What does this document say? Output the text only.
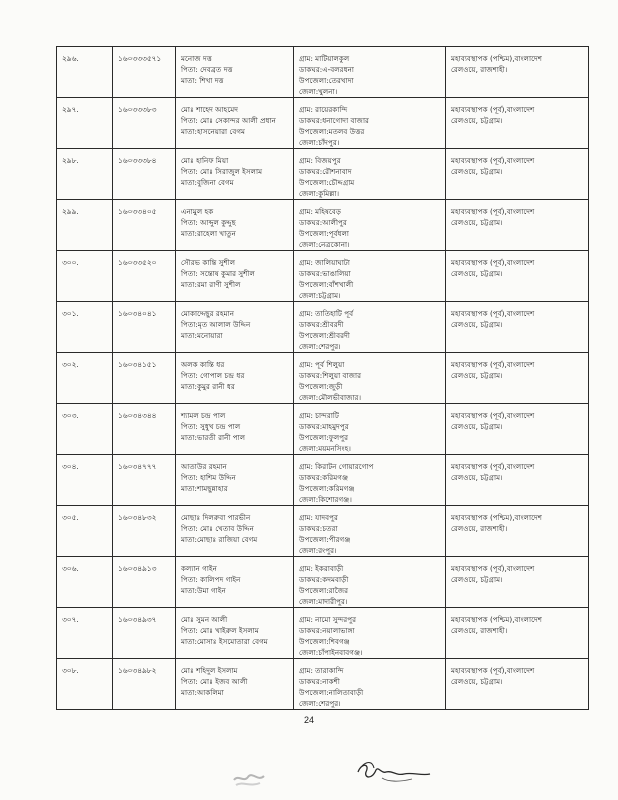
২৯৬.	১৬০৩৩৩৫৭১	মনোজ দত্ত
পিতা: দেবব্রত দত্ত
মাতা: শিখা দত্ত	গ্রাম: মাটিয়ালকুল
ডাকঘর:এ-বলরধনা
উপজেলা:তেরখাদা
জেলা:খুলনা।	মহাব্যবস্থাপক (পশ্চিম),বাংলাদেশ
রেলওয়ে, রাজশাহী।

২৯৭.	১৬০৩৩৩৮৩	মোঃ শাহেদ আহমেদ
পিতা: মোঃ সেকান্দর আলী প্রধান
মাতা:হাসনেয়ারা বেগম	গ্রাম: রায়েরকান্দি
ডাকঘর:ধনাগোদা বাজার
উপজেলা:মতলব উত্তর
জেলা:চাঁদপুর।	মহাব্যবস্থাপক (পূর্ব),বাংলাদেশ
রেলওয়ে, চট্টগ্রাম।

২৯৮.	১৬০৩৩৩৮৪	মোঃ হানিফ মিয়া
পিতা: মোঃ সিরাজুল ইসলাম
মাতা:বুজিনা বেগম	গ্রাম: বিজয়পুর
ডাকঘর:রৌশনাবাদ
উপজেলা:চৌদ্দগ্রাম
জেলা:কুমিল্লা।	মহাব্যবস্থাপক (পূর্ব),বাংলাদেশ
রেলওয়ে, চট্টগ্রাম।

২৯৯.	১৬০৩৩৪০৫	এনামুল হক
পিতা: আব্দুল কুদ্দুছ
মাতা:রাহেলা খাতুন	গ্রাম: মহিষবেড়
ডাকঘর:আলীপুর
উপজেলা:পূর্বধলা
জেলা:নেত্রকোনা।	মহাব্যবস্থাপক (পূর্ব),বাংলাদেশ
রেলওয়ে, চট্টগ্রাম।

৩০০.	১৬০৩৩৫২০	সৌরভ কান্তি সুশীল
পিতা: সন্তোষ কুমার সুশীল
মাতা:রমা রাণী সুশীল	গ্রাম: জালিয়াঘাটা
ডাকঘর:ভাঙালিয়া
উপজেলা:বাঁশখালী
জেলা:চট্টগ্রাম।	মহাব্যবস্থাপক (পূর্ব),বাংলাদেশ
রেলওয়ে, চট্টগ্রাম।

৩০১.	১৬০৩৪০৪১	মোকাদ্দেছুর রহমান
পিতা:মৃত আলাল উদ্দিন
মাতা:মনোয়ারা	গ্রাম: তাতিহাটি পূর্ব
ডাকঘর:শ্রীবরদী
উপজেলা:শ্রীবরদী
জেলা:শেরপুর।	মহাব্যবস্থাপক (পূর্ব),বাংলাদেশ
রেলওয়ে, চট্টগ্রাম।

৩০২.	১৬০৩৪১৫১	অলক কান্তি ধর
পিতা: গোপাল চন্দ্র ধর
মাতা:কুমুর রানী ধর	গ্রাম: পূর্ব শিলুয়া
ডাকঘর:শিলুয়া বাজার
উপজেলা:জুড়ী
জেলা:মৌলভীবাজার।	মহাব্যবস্থাপক (পূর্ব),বাংলাদেশ
রেলওয়ে, চট্টগ্রাম।

৩০৩.	১৬০৩৪৩৪৪	শ্যামল চন্দ্র পাল
পিতা: সুধুখ চন্দ্র পাল
মাতা:ভারতী রানী পাল	গ্রাম: চান্দরাটি
ডাকঘর:মাহমুদপুর
উপজেলা:ফুলপুর
জেলা:ময়মনসিংহ।	মহাব্যবস্থাপক (পূর্ব),বাংলাদেশ
রেলওয়ে, চট্টগ্রাম।

৩০৪.	১৬০৩৪৭৭৭	আতাউর রহমান
পিতা: হাশিম উদ্দিন
মাতা:শামছুন্নাহার	গ্রাম: কিরাটন গোয়ারগোপ
ডাকঘর:করিমগঞ্জ
উপজেলা:করিমগঞ্জ
জেলা:কিশোরগঞ্জ।	মহাব্যবস্থাপক (পূর্ব),বাংলাদেশ
রেলওয়ে, চট্টগ্রাম।

৩০৫.	১৬০৩৪৮৩২	মোছাঃ দিলরুবা পারভীন
পিতা: মোঃ খেতাব উদ্দিন
মাতা:মোছাঃ রাজিয়া বেগম	গ্রাম: যাদবপুর
ডাকঘর:চতরা
উপজেলা:পীরগঞ্জ
জেলা:রংপুর।	মহাব্যবস্থাপক (পশ্চিম),বাংলাদেশ
রেলওয়ে, রাজশাহী।

৩০৬.	১৬০৩৪৯১৩	কল্যান গাইন
পিতা: কালিপদ গাইন
মাতা:উমা গাইন	গ্রাম: ইকরাবাড়ী
ডাকঘর:কদমবাড়ী
উপজেলা:রাজৈর
জেলা:মাদারীপুর।	মহাব্যবস্থাপক (পূর্ব),বাংলাদেশ
রেলওয়ে, চট্টগ্রাম।

৩০৭.	১৬০৩৪৯৩৭	মোঃ সুমন আলী
পিতা: মোঃ খাইরুল ইসলাম
মাতা:মোসাঃ ইসমোতারা বেগম	গ্রাম: নামো সুন্দরপুর
ডাকঘর:নয়ালাভাঙ্গা
উপজেলা:শিবগঞ্জ
জেলা:চাঁপাইনবাবগঞ্জ।	মহাব্যবস্থাপক (পশ্চিম),বাংলাদেশ
রেলওয়ে, রাজশাহী।

৩০৮.	১৬০৩৪৯৮২	মোঃ শহিদুল ইসলাম
পিতা: মোঃ ইজব আলী
মাতা:আকলিমা	গ্রাম: তারাকান্দি
ডাকঘর:নাকশী
উপজেলা:নালিতাবাড়ী
জেলা:শেরপুর।	মহাব্যবস্থাপক (পূর্ব),বাংলাদেশ
রেলওয়ে, চট্টগ্রাম।
24
